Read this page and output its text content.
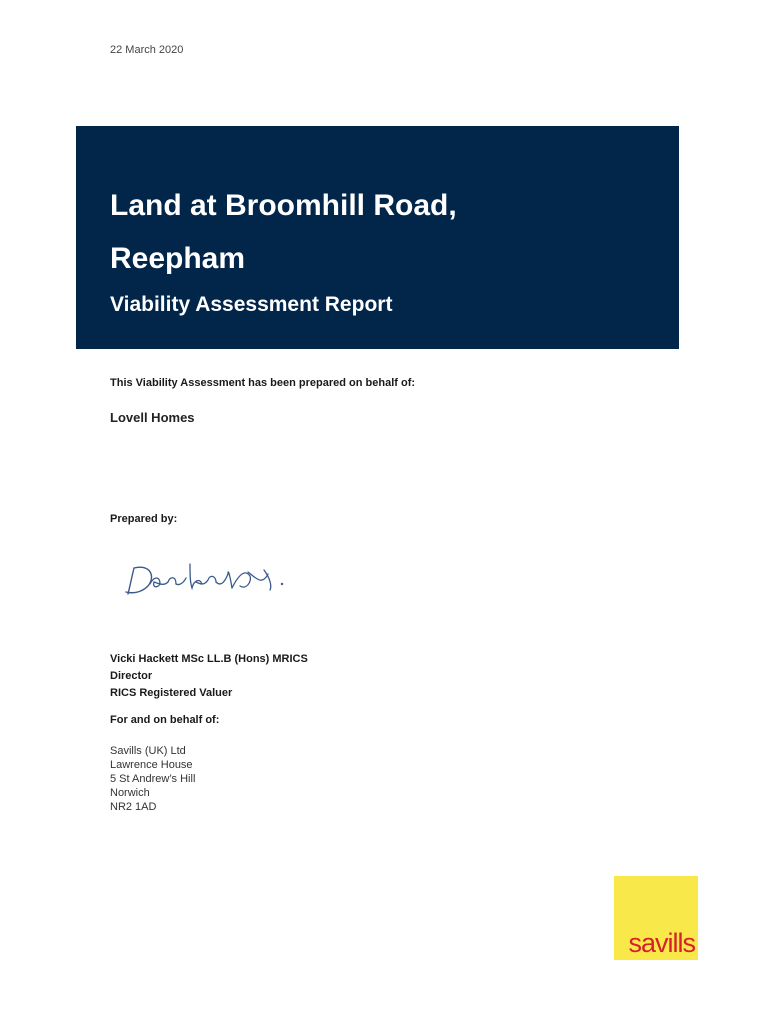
22 March 2020
Land at Broomhill Road,
Reepham
Viability Assessment Report
This Viability Assessment has been prepared on behalf of:
Lovell Homes
Prepared by:
Vicki Hackett MSc LL.B (Hons) MRICS
Director
RICS Registered Valuer
For and on behalf of:
Savills (UK) Ltd
Lawrence House
5 St Andrew’s Hill
Norwich
NR2 1AD
savills
